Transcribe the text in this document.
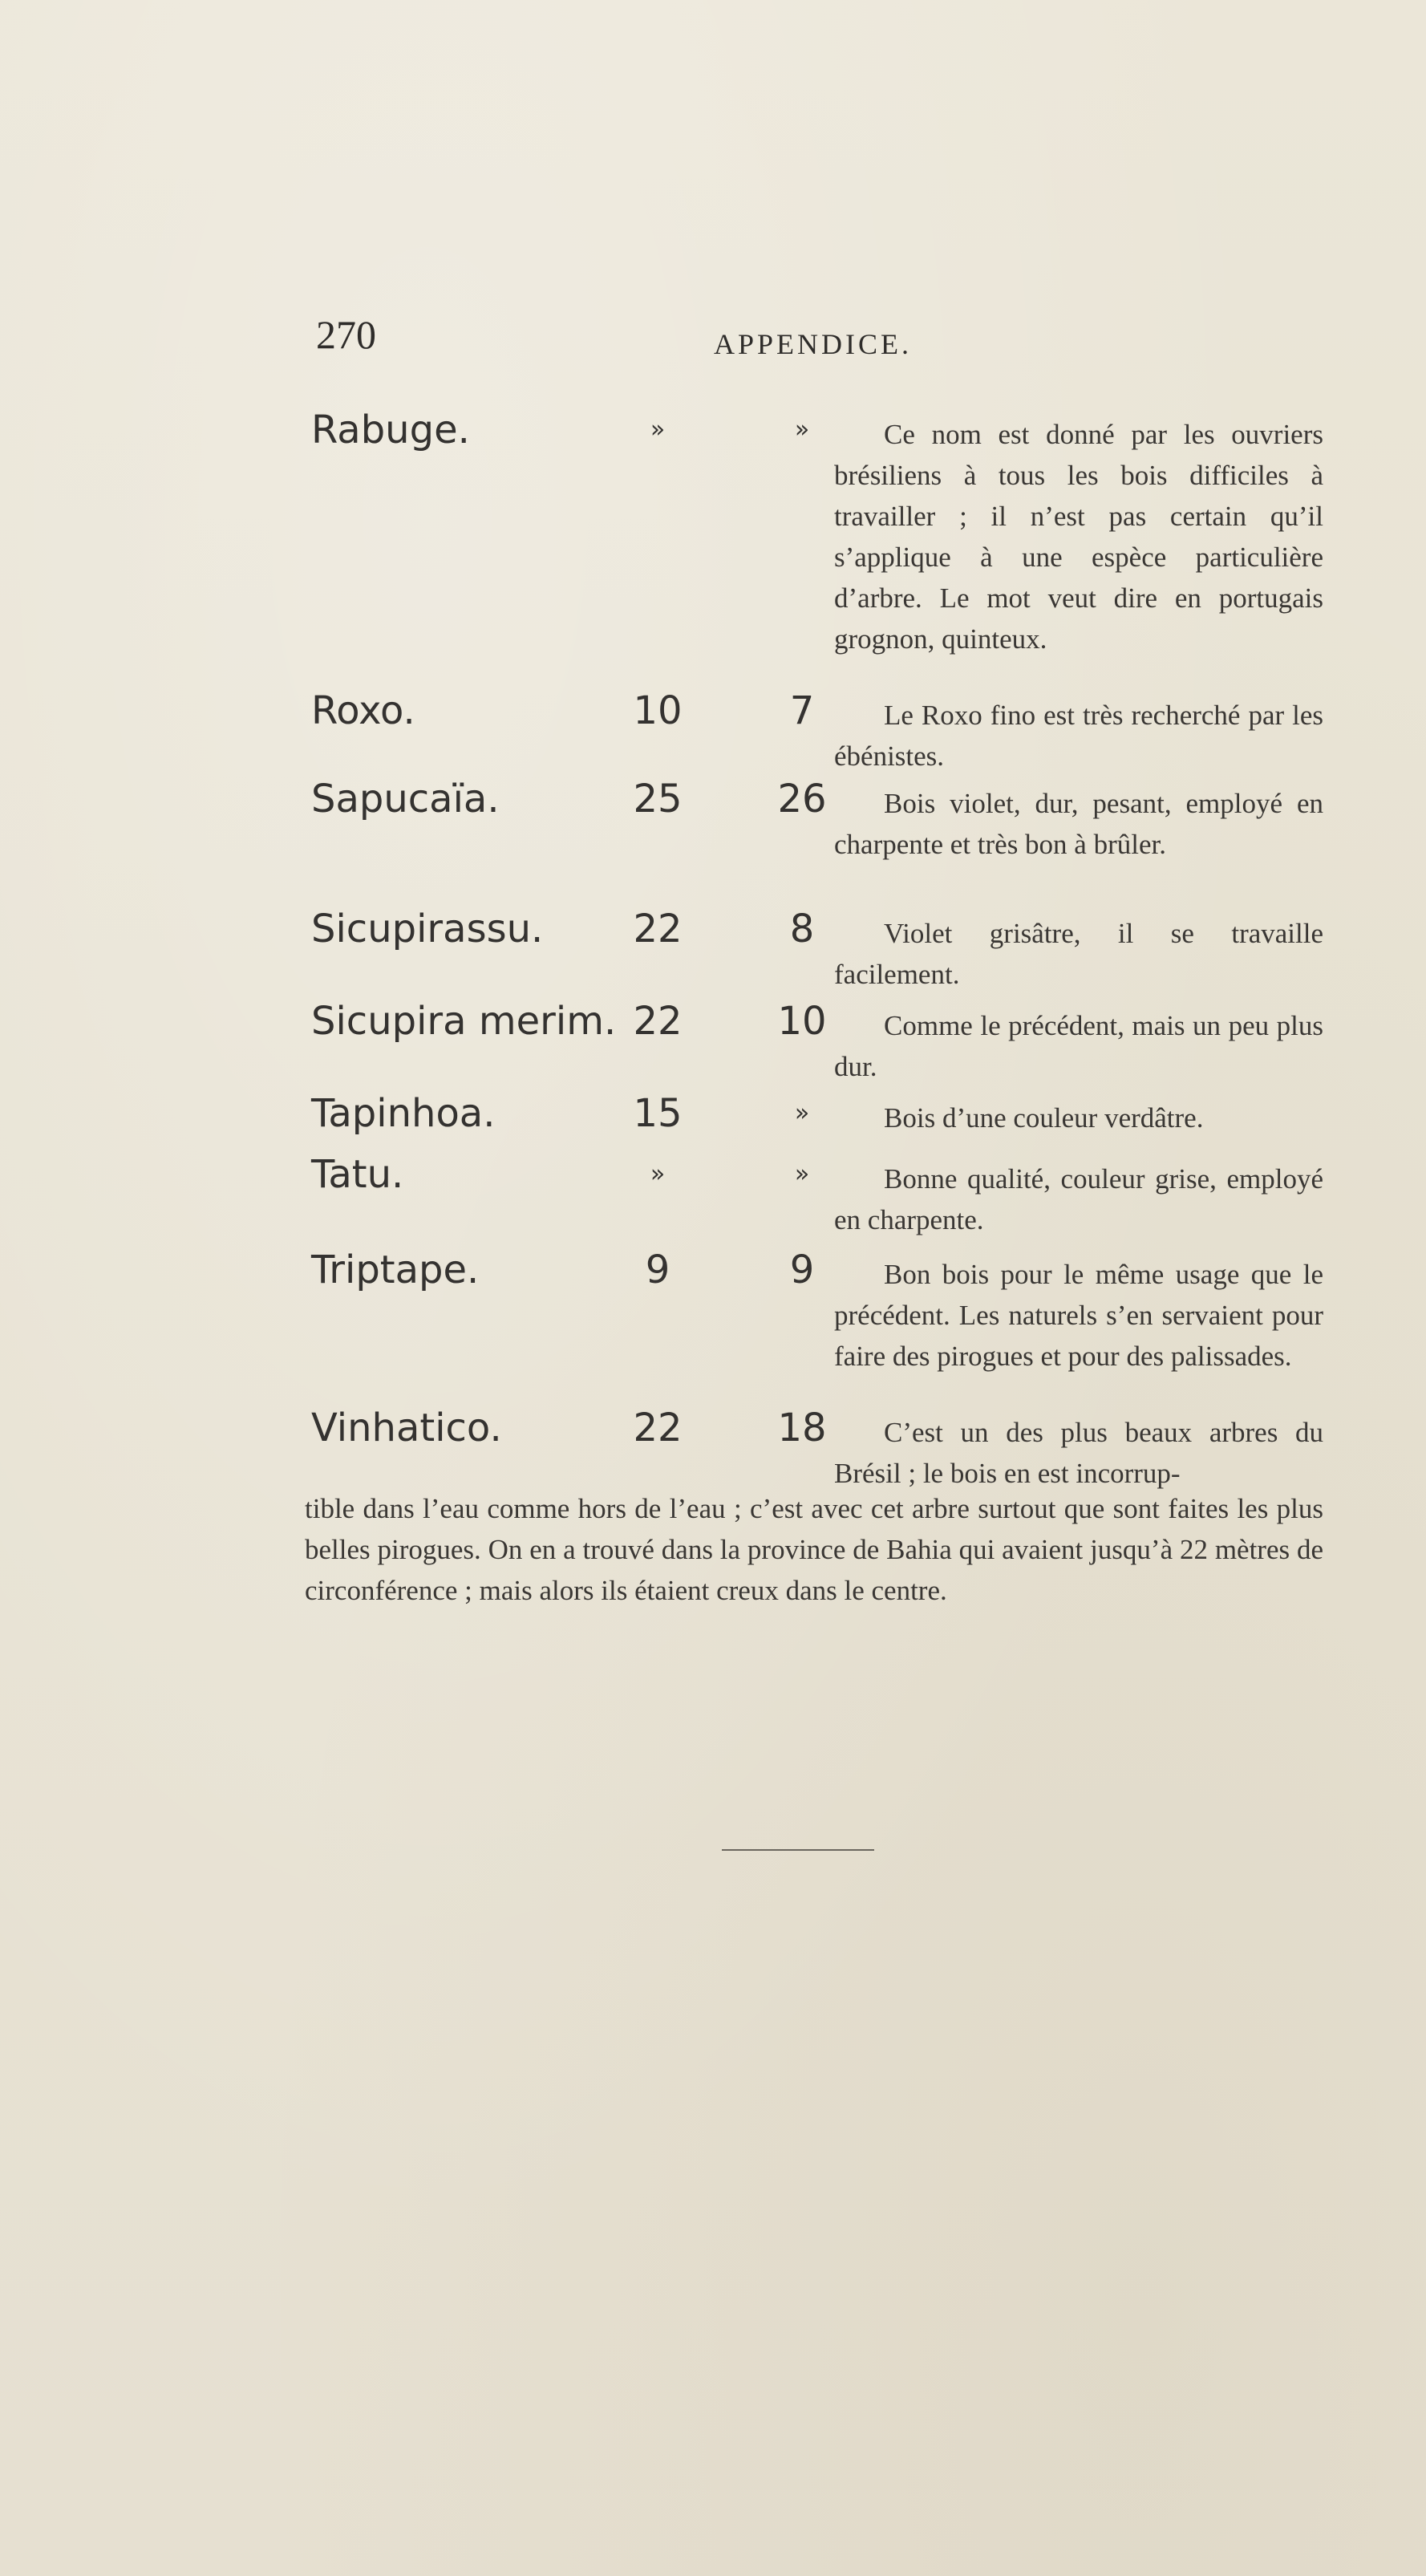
270	APPENDICE.
Rabuge.	»	»	Ce nom est donné par les ouvriers brésiliens à tous les bois difficiles à travailler ; il n’est pas certain qu’il s’applique à une espèce particulière d’arbre. Le mot veut dire en portugais grognon, quinteux.
Roxo.	10	7	Le Roxo fino est très recherché par les ébénistes.
Sapucaïa.	25	26	Bois violet, dur, pesant, employé en charpente et très bon à brûler.
Sicupirassu.	22	8	Violet grisâtre, il se travaille facilement.
Sicupira merim. 22	10	Comme le précédent, mais un peu plus dur.
Tapinhoa.	15	»	Bois d’une couleur verdâtre.
Tatu.	»	»	Bonne qualité, couleur grise, employé en charpente.
Triptape.	9	9	Bon bois pour le même usage que le précédent. Les naturels s’en servaient pour faire des pirogues et pour des palissades.
Vinhatico.	22	18	C’est un des plus beaux arbres du Brésil ; le bois en est incorrup-
tible dans l’eau comme hors de l’eau ; c’est avec cet arbre surtout que sont faites les plus belles pirogues. On en a trouvé dans la province de Bahia qui avaient jusqu’à 22 mètres de circonférence ; mais alors ils étaient creux dans le centre.
